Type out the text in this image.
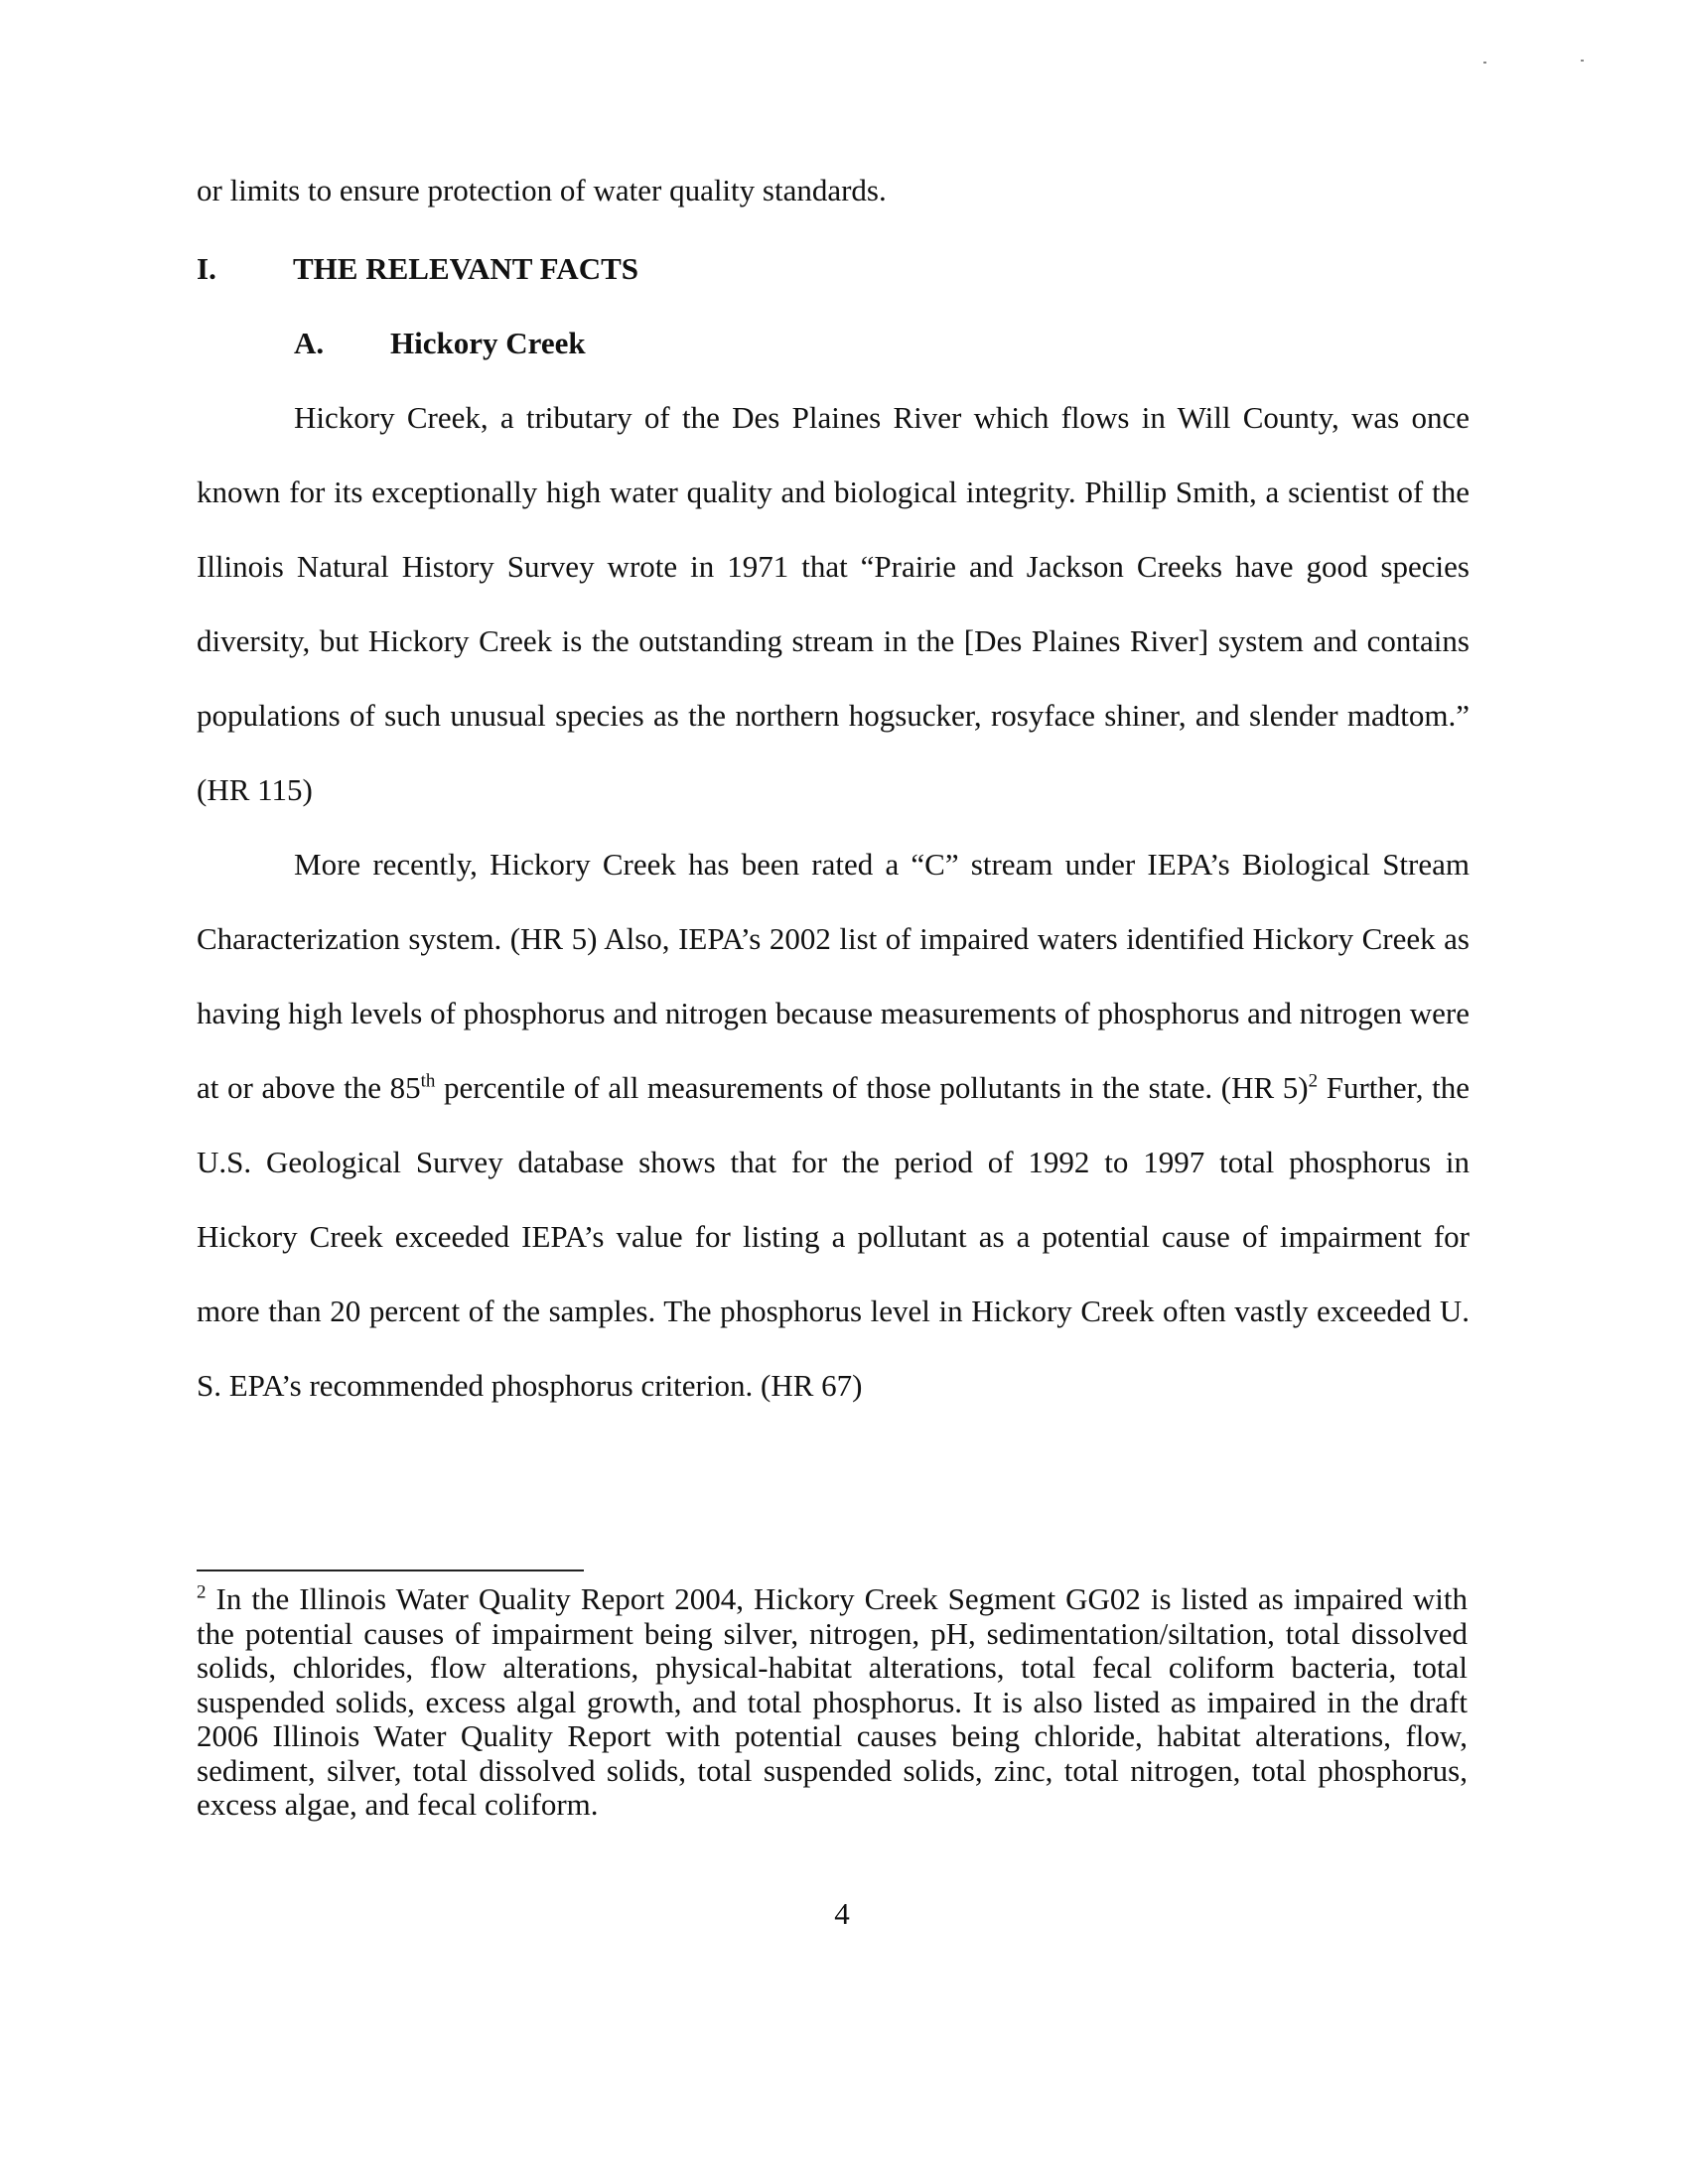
or limits to ensure protection of water quality standards.
I. THE RELEVANT FACTS
A. Hickory Creek
Hickory Creek, a tributary of the Des Plaines River which flows in Will County, was once known for its exceptionally high water quality and biological integrity. Phillip Smith, a scientist of the Illinois Natural History Survey wrote in 1971 that “Prairie and Jackson Creeks have good species diversity, but Hickory Creek is the outstanding stream in the [Des Plaines River] system and contains populations of such unusual species as the northern hogsucker, rosyface shiner, and slender madtom.” (HR 115)
More recently, Hickory Creek has been rated a “C” stream under IEPA’s Biological Stream Characterization system. (HR 5) Also, IEPA’s 2002 list of impaired waters identified Hickory Creek as having high levels of phosphorus and nitrogen because measurements of phosphorus and nitrogen were at or above the 85th percentile of all measurements of those pollutants in the state. (HR 5)$^2$ Further, the U.S. Geological Survey database shows that for the period of 1992 to 1997 total phosphorus in Hickory Creek exceeded IEPA’s value for listing a pollutant as a potential cause of impairment for more than 20 percent of the samples. The phosphorus level in Hickory Creek often vastly exceeded U. S. EPA’s recommended phosphorus criterion. (HR 67)
$^2$ In the Illinois Water Quality Report 2004, Hickory Creek Segment GG02 is listed as impaired with the potential causes of impairment being silver, nitrogen, pH, sedimentation/siltation, total dissolved solids, chlorides, flow alterations, physical-habitat alterations, total fecal coliform bacteria, total suspended solids, excess algal growth, and total phosphorus. It is also listed as impaired in the draft 2006 Illinois Water Quality Report with potential causes being chloride, habitat alterations, flow, sediment, silver, total dissolved solids, total suspended solids, zinc, total nitrogen, total phosphorus, excess algae, and fecal coliform.
4
